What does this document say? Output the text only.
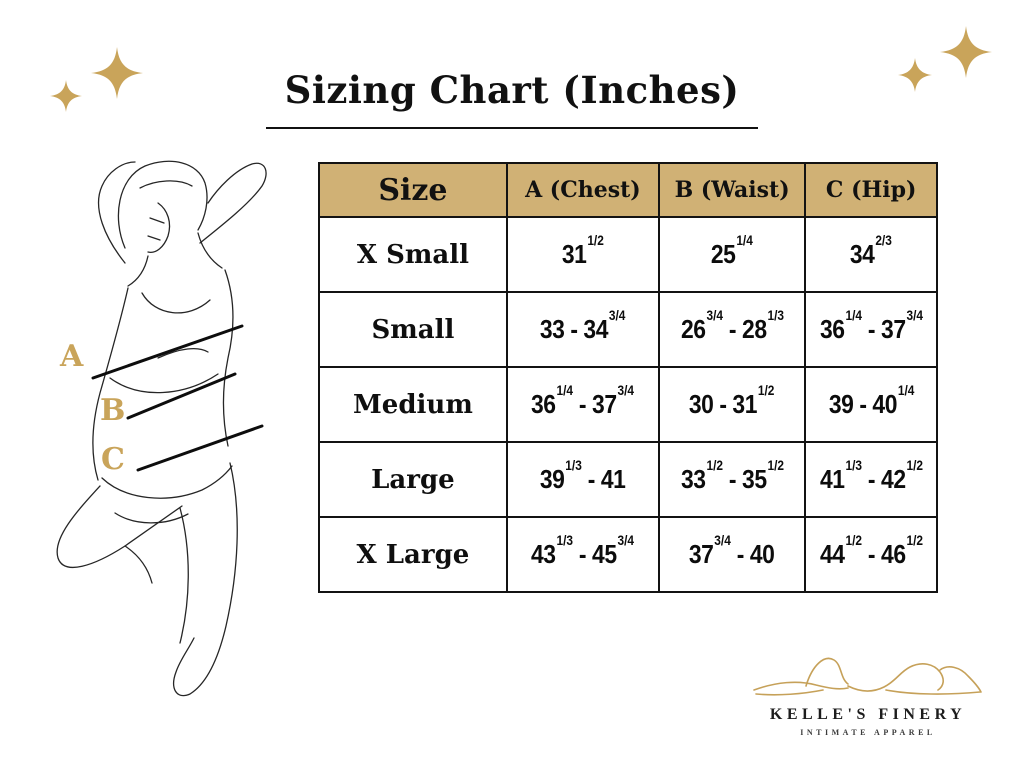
Sizing Chart (Inches)
A
B
C
Size	A (Chest)	B (Waist)	C (Hip)
X Small	$31^{1/2}$	$25^{1/4}$	$34^{2/3}$
Small	$33 - 34^{3/4}$	$26^{3/4} - 28^{1/3}$	$36^{1/4} - 37^{3/4}$
Medium	$36^{1/4} - 37^{3/4}$	$30 - 31^{1/2}$	$39 - 40^{1/4}$
Large	$39^{1/3} - 41$	$33^{1/2} - 35^{1/2}$	$41^{1/3} - 42^{1/2}$
X Large	$43^{1/3} - 45^{3/4}$	$37^{3/4} - 40$	$44^{1/2} - 46^{1/2}$
KELLE'S FINERY
INTIMATE APPAREL
